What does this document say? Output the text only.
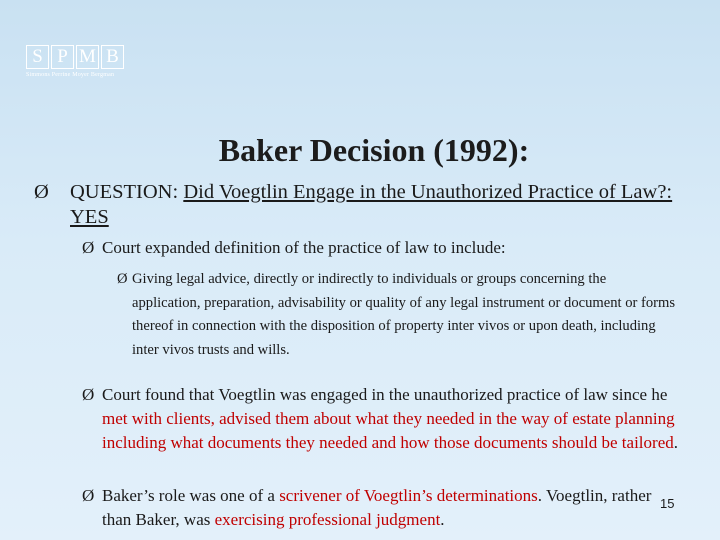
S P M B
Simmons Perrine Moyer Bergman
Baker Decision (1992):
Ø	QUESTION: Did Voegtlin Engage in the Unauthorized Practice of Law?: YES
Ø Court expanded definition of the practice of law to include:
Ø Giving legal advice, directly or indirectly to individuals or groups concerning the application, preparation, advisability or quality of any legal instrument or document or forms thereof in connection with the disposition of property inter vivos or upon death, including inter vivos trusts and wills.
Ø Court found that Voegtlin was engaged in the unauthorized practice of law since he met with clients, advised them about what they needed in the way of estate planning including what documents they needed and how those documents should be tailored.
Ø Baker’s role was one of a scrivener of Voegtlin’s determinations. Voegtlin, rather than Baker, was exercising professional judgment.
15
